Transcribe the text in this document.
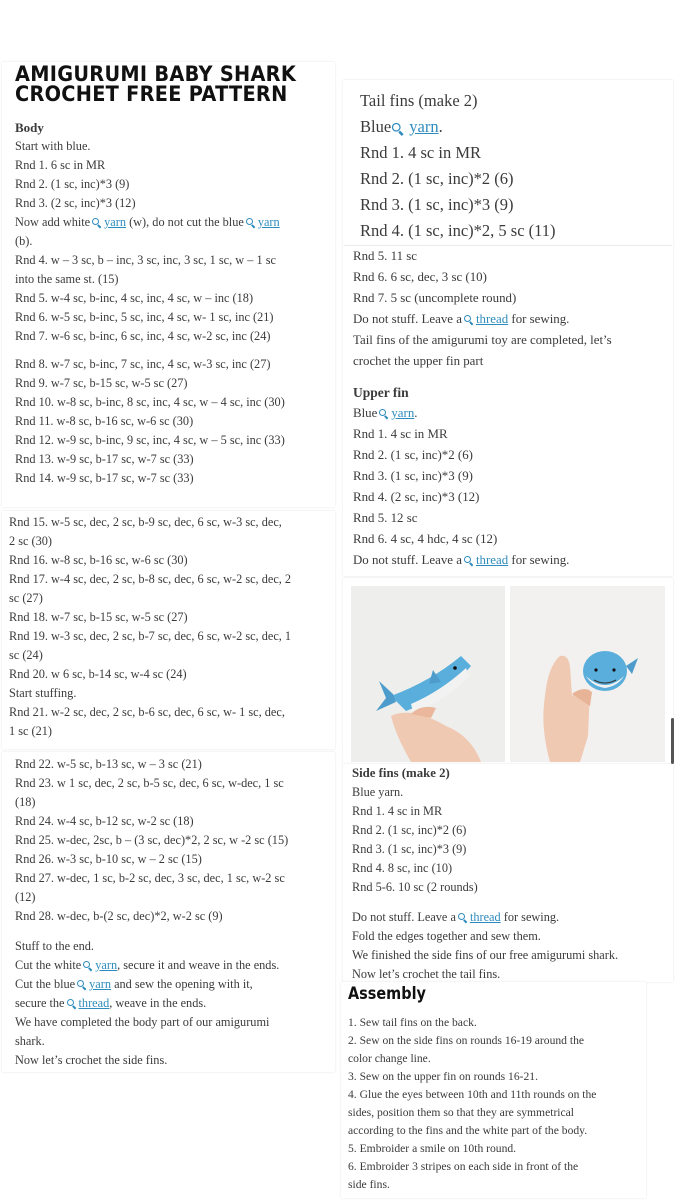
AMIGURUMI BABY SHARK
CROCHET FREE PATTERN
Body
Start with blue.
Rnd 1. 6 sc in MR
Rnd 2. (1 sc, inc)*3 (9)
Rnd 3. (2 sc, inc)*3 (12)
Now add white yarn (w), do not cut the blue yarn
(b).
Rnd 4. w – 3 sc, b – inc, 3 sc, inc, 3 sc, 1 sc, w – 1 sc
into the same st. (15)
Rnd 5. w-4 sc, b-inc, 4 sc, inc, 4 sc, w – inc (18)
Rnd 6. w-5 sc, b-inc, 5 sc, inc, 4 sc, w- 1 sc, inc (21)
Rnd 7. w-6 sc, b-inc, 6 sc, inc, 4 sc, w-2 sc, inc (24)
Rnd 8. w-7 sc, b-inc, 7 sc, inc, 4 sc, w-3 sc, inc (27)
Rnd 9. w-7 sc, b-15 sc, w-5 sc (27)
Rnd 10. w-8 sc, b-inc, 8 sc, inc, 4 sc, w – 4 sc, inc (30)
Rnd 11. w-8 sc, b-16 sc, w-6 sc (30)
Rnd 12. w-9 sc, b-inc, 9 sc, inc, 4 sc, w – 5 sc, inc (33)
Rnd 13. w-9 sc, b-17 sc, w-7 sc (33)
Rnd 14. w-9 sc, b-17 sc, w-7 sc (33)
Rnd 15. w-5 sc, dec, 2 sc, b-9 sc, dec, 6 sc, w-3 sc, dec,
2 sc (30)
Rnd 16. w-8 sc, b-16 sc, w-6 sc (30)
Rnd 17. w-4 sc, dec, 2 sc, b-8 sc, dec, 6 sc, w-2 sc, dec, 2
sc (27)
Rnd 18. w-7 sc, b-15 sc, w-5 sc (27)
Rnd 19. w-3 sc, dec, 2 sc, b-7 sc, dec, 6 sc, w-2 sc, dec, 1
sc (24)
Rnd 20. w 6 sc, b-14 sc, w-4 sc (24)
Start stuffing.
Rnd 21. w-2 sc, dec, 2 sc, b-6 sc, dec, 6 sc, w- 1 sc, dec,
1 sc (21)
Rnd 22. w-5 sc, b-13 sc, w – 3 sc (21)
Rnd 23. w 1 sc, dec, 2 sc, b-5 sc, dec, 6 sc, w-dec, 1 sc
(18)
Rnd 24. w-4 sc, b-12 sc, w-2 sc (18)
Rnd 25. w-dec, 2sc, b – (3 sc, dec)*2, 2 sc, w -2 sc (15)
Rnd 26. w-3 sc, b-10 sc, w – 2 sc (15)
Rnd 27. w-dec, 1 sc, b-2 sc, dec, 3 sc, dec, 1 sc, w-2 sc
(12)
Rnd 28. w-dec, b-(2 sc, dec)*2, w-2 sc (9)
Stuff to the end.
Cut the white yarn, secure it and weave in the ends.
Cut the blue yarn and sew the opening with it,
secure the thread, weave in the ends.
We have completed the body part of our amigurumi
shark.
Now let’s crochet the side fins.
Tail fins (make 2)
Blue yarn.
Rnd 1. 4 sc in MR
Rnd 2. (1 sc, inc)*2 (6)
Rnd 3. (1 sc, inc)*3 (9)
Rnd 4. (1 sc, inc)*2, 5 sc (11)
Rnd 5. 11 sc
Rnd 6. 6 sc, dec, 3 sc (10)
Rnd 7. 5 sc (uncomplete round)
Do not stuff. Leave a thread for sewing.
Tail fins of the amigurumi toy are completed, let’s
crochet the upper fin part
Upper fin
Blue yarn.
Rnd 1. 4 sc in MR
Rnd 2. (1 sc, inc)*2 (6)
Rnd 3. (1 sc, inc)*3 (9)
Rnd 4. (2 sc, inc)*3 (12)
Rnd 5. 12 sc
Rnd 6. 4 sc, 4 hdc, 4 sc (12)
Do not stuff. Leave a thread for sewing.
Side fins (make 2)
Blue yarn.
Rnd 1. 4 sc in MR
Rnd 2. (1 sc, inc)*2 (6)
Rnd 3. (1 sc, inc)*3 (9)
Rnd 4. 8 sc, inc (10)
Rnd 5-6. 10 sc (2 rounds)
Do not stuff. Leave a thread for sewing.
Fold the edges together and sew them.
We finished the side fins of our free amigurumi shark.
Now let’s crochet the tail fins.
Assembly
1. Sew tail fins on the back.
2. Sew on the side fins on rounds 16-19 around the
color change line.
3. Sew on the upper fin on rounds 16-21.
4. Glue the eyes between 10th and 11th rounds on the
sides, position them so that they are symmetrical
according to the fins and the white part of the body.
5. Embroider a smile on 10th round.
6. Embroider 3 stripes on each side in front of the
side fins.
